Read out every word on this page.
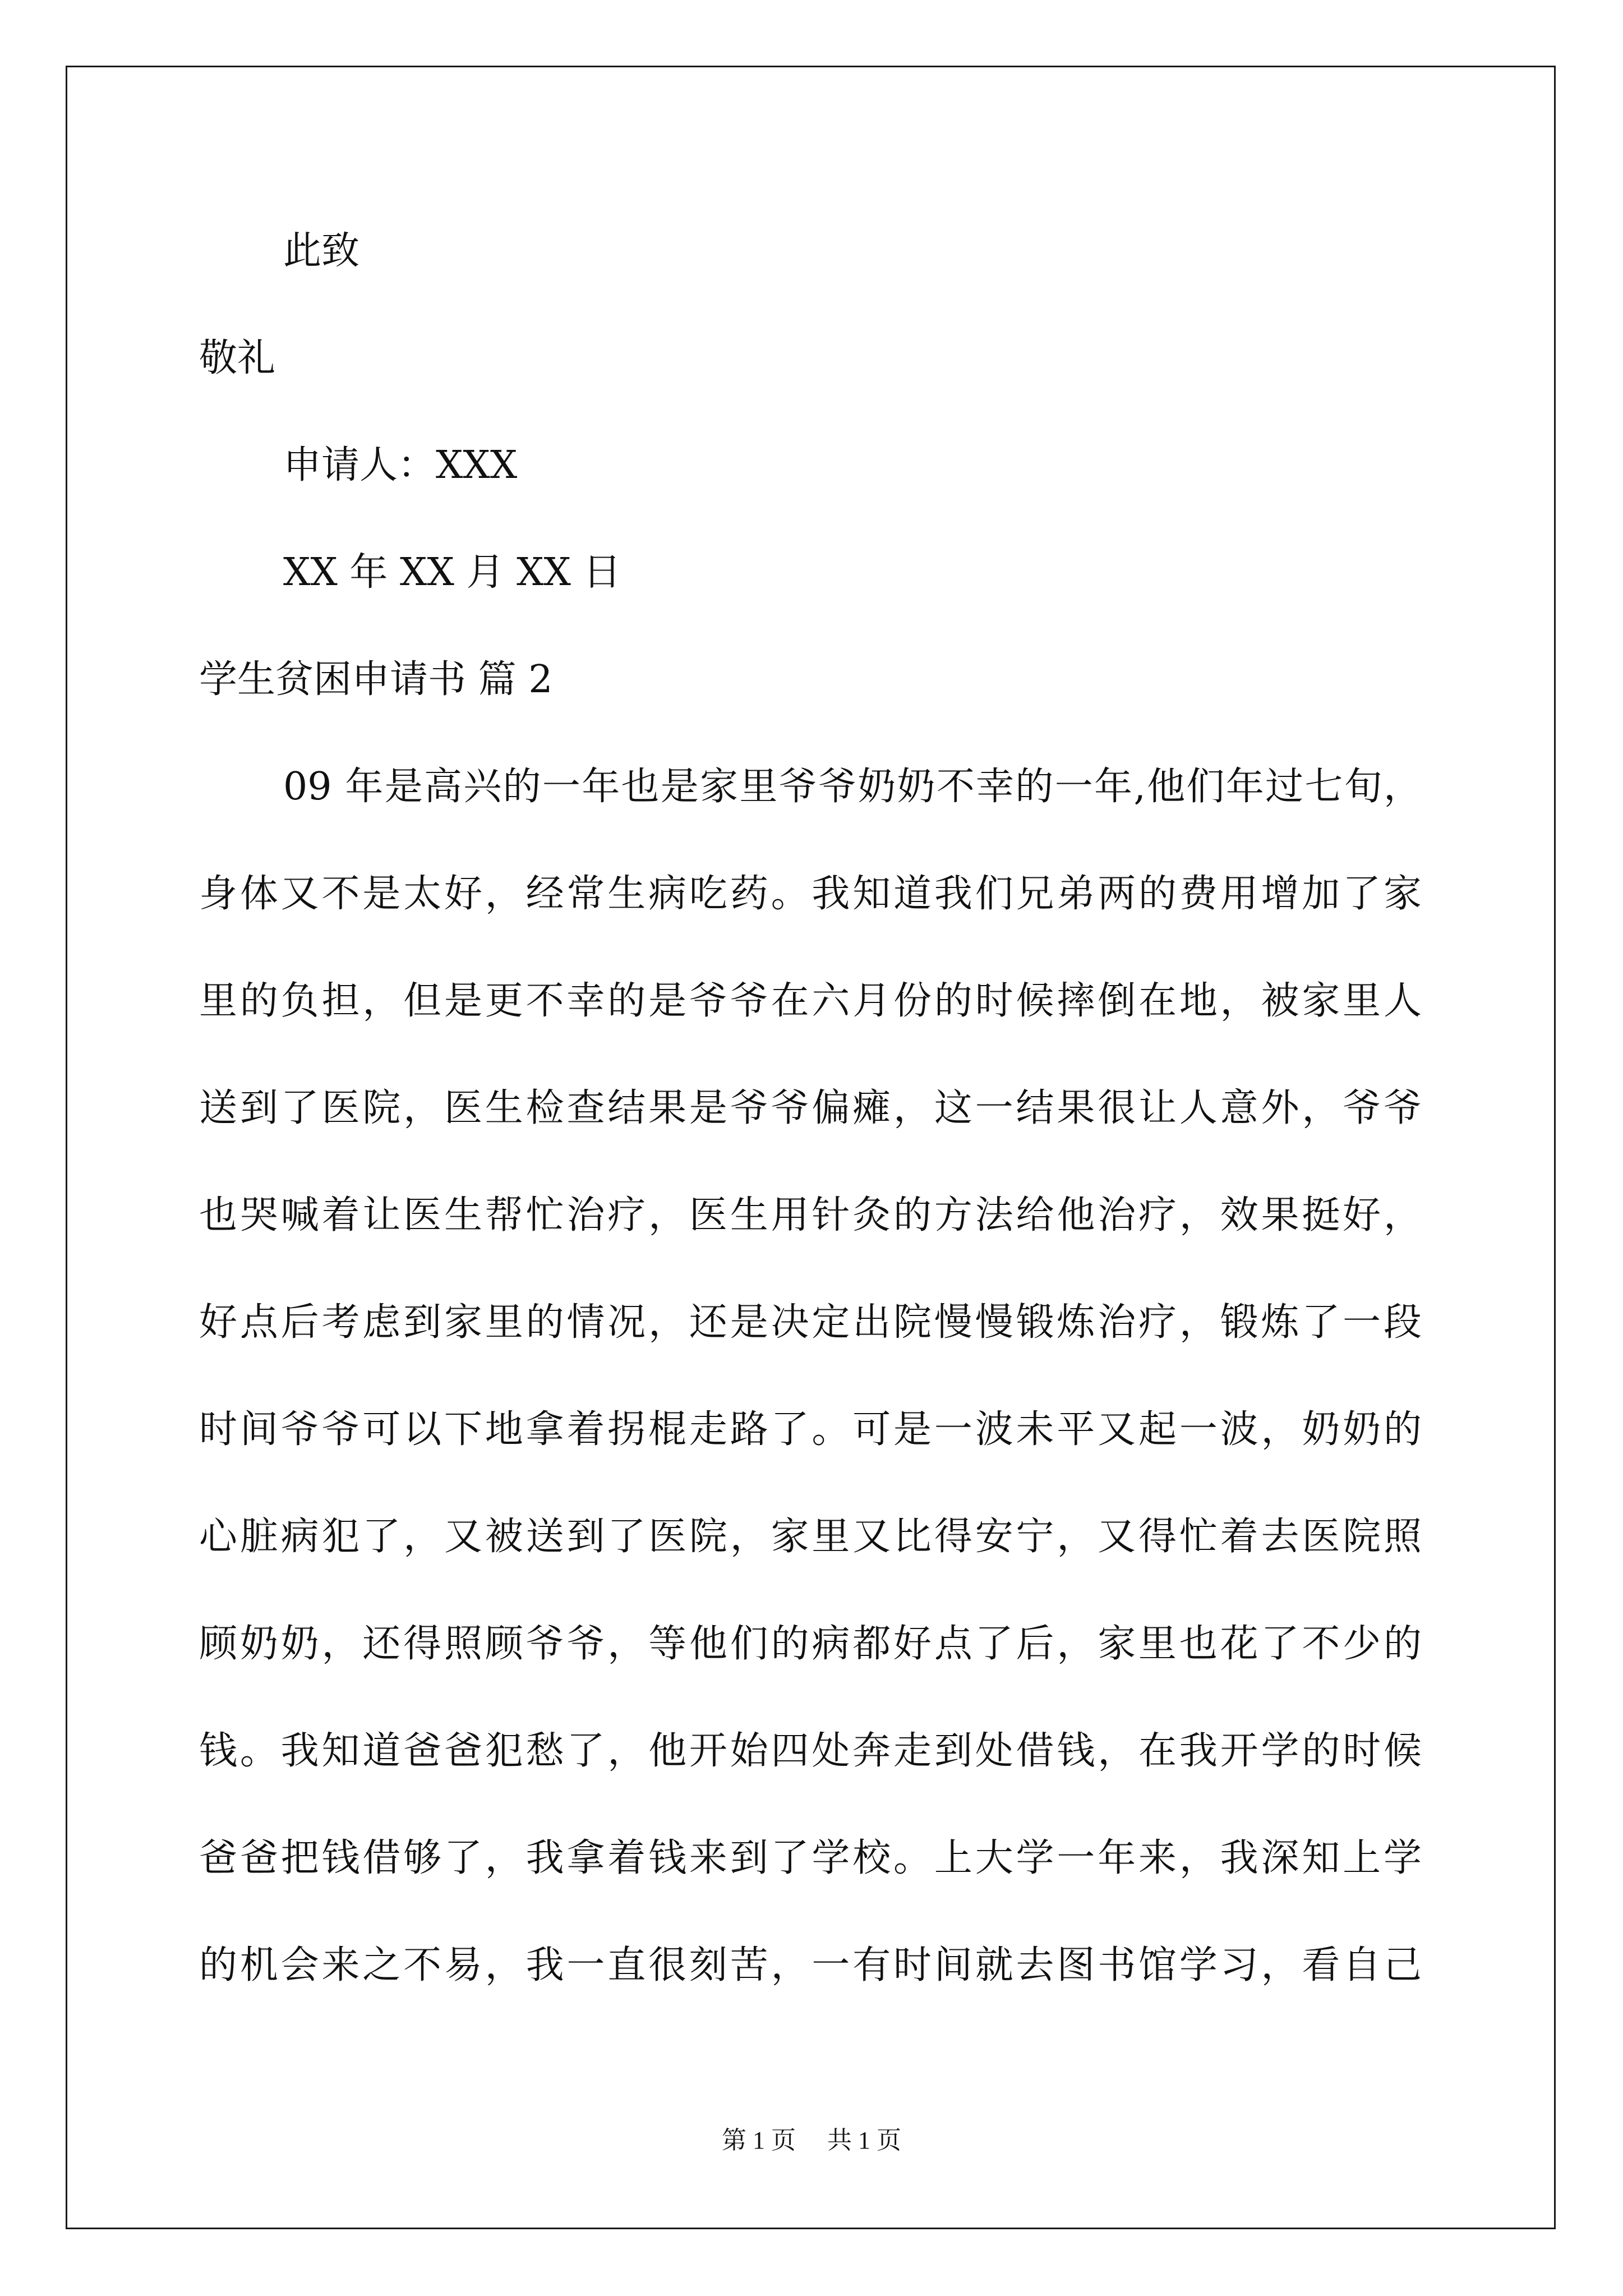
此致
敬礼
申请人：XXX
XX 年 XX 月 XX 日
学生贫困申请书 篇 2
09 年是高兴的一年也是家里爷爷奶奶不幸的一年,他们年过七旬，
身体又不是太好，经常生病吃药。我知道我们兄弟两的费用增加了家
里的负担，但是更不幸的是爷爷在六月份的时候摔倒在地，被家里人
送到了医院，医生检查结果是爷爷偏瘫，这一结果很让人意外，爷爷
也哭喊着让医生帮忙治疗，医生用针灸的方法给他治疗，效果挺好，
好点后考虑到家里的情况，还是决定出院慢慢锻炼治疗，锻炼了一段
时间爷爷可以下地拿着拐棍走路了。可是一波未平又起一波，奶奶的
心脏病犯了，又被送到了医院，家里又比得安宁，又得忙着去医院照
顾奶奶，还得照顾爷爷，等他们的病都好点了后，家里也花了不少的
钱。我知道爸爸犯愁了，他开始四处奔走到处借钱，在我开学的时候
爸爸把钱借够了，我拿着钱来到了学校。上大学一年来，我深知上学
的机会来之不易，我一直很刻苦，一有时间就去图书馆学习，看自己
第 1 页 共 1 页
